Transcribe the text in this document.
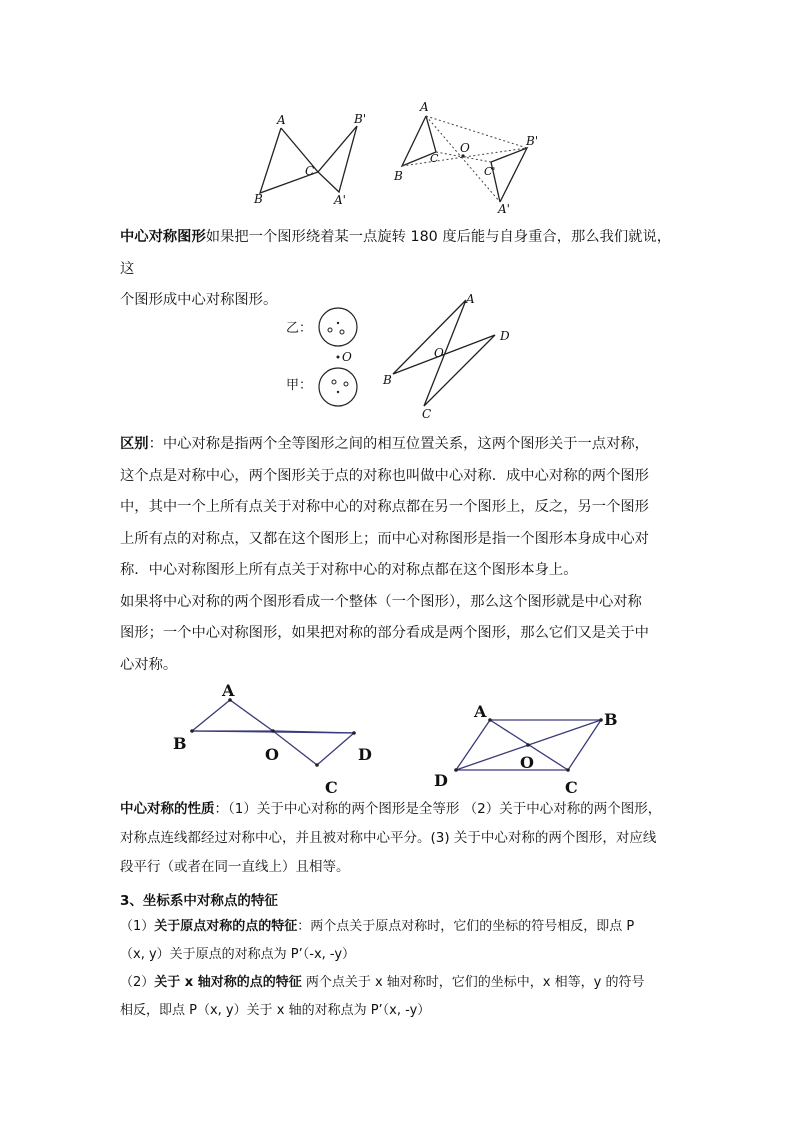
A
B
C
A'
B'
A
B
C
O	B'
C'
A'
中心对称图形如果把一个图形绕着某一点旋转 180 度后能与自身重合，那么我们就说，这
个图形成中心对称图形。
乙：
O
甲：
A
B
C
D
O
区别：中心对称是指两个全等图形之间的相互位置关系，这两个图形关于一点对称，
这个点是对称中心，两个图形关于点的对称也叫做中心对称．成中心对称的两个图形
中，其中一个上所有点关于对称中心的对称点都在另一个图形上，反之，另一个图形
上所有点的对称点，又都在这个图形上；而中心对称图形是指一个图形本身成中心对
称．中心对称图形上所有点关于对称中心的对称点都在这个图形本身上。
如果将中心对称的两个图形看成一个整体（一个图形），那么这个图形就是中心对称
图形；一个中心对称图形，如果把对称的部分看成是两个图形，那么它们又是关于中
心对称。
A
B
O	D
C
A	B
D
O
C
中心对称的性质：（1）关于中心对称的两个图形是全等形 （2）关于中心对称的两个图形，
对称点连线都经过对称中心，并且被对称中心平分。(3) 关于中心对称的两个图形，对应线
段平行（或者在同一直线上）且相等。
3、坐标系中对称点的特征
（1）关于原点对称的点的特征：两个点关于原点对称时，它们的坐标的符号相反，即点 P
（x, y）关于原点的对称点为 P’（-x, -y）
（2）关于 x 轴对称的点的特征 两个点关于 x 轴对称时，它们的坐标中，x 相等，y 的符号
相反，即点 P（x, y）关于 x 轴的对称点为 P’（x, -y）
